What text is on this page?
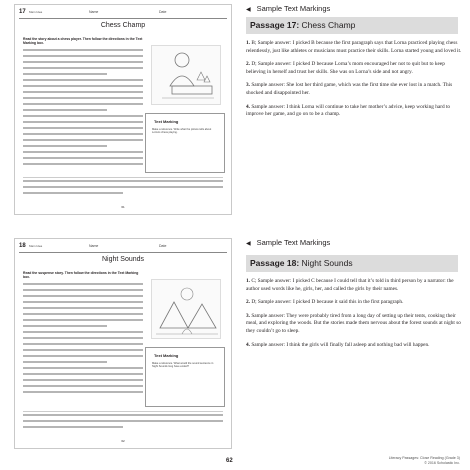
17 Main Idea	Name	Date
Chess Champ
Read the story about a chess player. Then follow the directions in the Text Marking box.
Text Marking
Make a reference. Write what the picture tells about Lorna's chess playing.
61
18 Main Idea	Name	Date
Night Sounds
Read the suspense story. Then follow the directions in the Text Marking box.
Text Marking
Make a reference. What would the sound sentence in Night Sounds long have ended?
62
◀ Sample Text Markings
Passage 17: Chess Champ

1. B; Sample answer: I picked B because the first paragraph says that Lorna practiced playing chess relentlessly, just like athletes or musicians must practice their skills. Lorna started young and loved it.

2. D; Sample answer: I picked D because Lorna’s mom encouraged her not to quit but to keep believing in herself and trust her skills. She was on Lorna’s side and not angry.

3. Sample answer: She lost her third game, which was the first time she ever lost in a match. This shocked and disappointed her.

4. Sample answer: I think Lorna will continue to take her mother’s advice, keep working hard to improve her game, and go on to be a champ.

◀ Sample Text Markings
Passage 18: Night Sounds

1. C; Sample answer: I picked C because I could tell that it’s told in third person by a narrator: the author used words like he, girls, her, and called the girls by their names.

2. D; Sample answer: I picked D because it said this in the first paragraph.

3. Sample answer: They were probably tired from a long day of setting up their tents, cooking their meal, and exploring the woods. But the stories made them nervous about the forest sounds at night so they couldn’t go to sleep.

4. Sample answer: I think the girls will finally fall asleep and nothing bad will happen.

62	Literacy Passages: Close Reading (Grade 3)
© 2016 Scholastic Inc.
